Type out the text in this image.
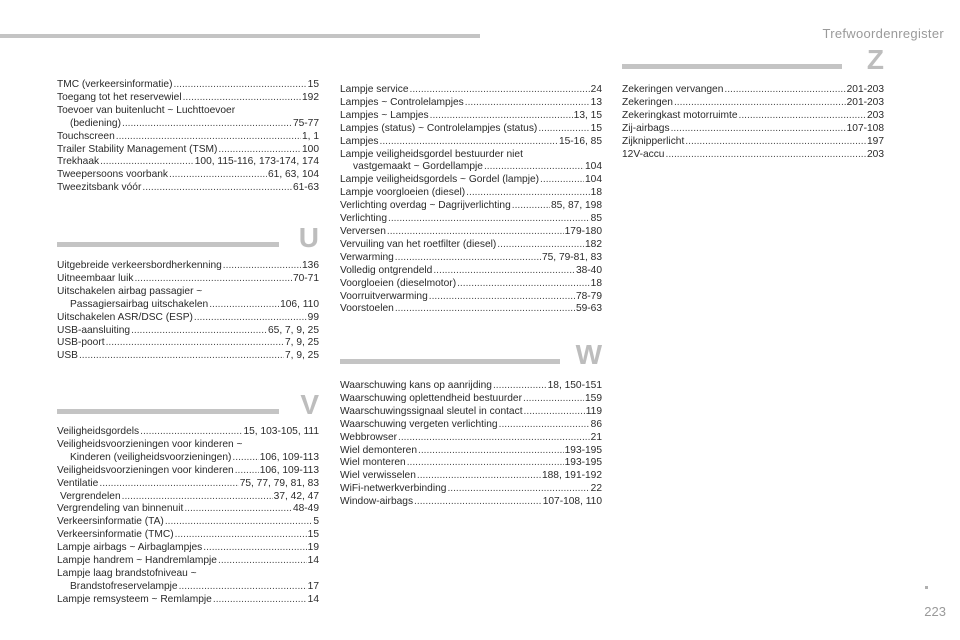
Trefwoordenregister
TMC (verkeersinformatie) .....	15
Toegang tot het reservewiel .....	192
Toevoer van buitenlucht ~ Luchttoevoer
(bediening) .....	75-77
Touchscreen .....	1, 1
Trailer Stability Management (TSM) .....	100
Trekhaak .....	100, 115-116, 173-174, 174
Tweepersoons voorbank .....	61, 63, 104
Tweezitsbank vóór .....	61-63
U
Uitgebreide verkeersbordherkenning .....	136
Uitneembaar luik .....	70-71
Uitschakelen airbag passagier ~
Passagiersairbag uitschakelen .....	106, 110
Uitschakelen ASR/DSC (ESP) .....	99
USB-aansluiting .....	65, 7, 9, 25
USB-poort .....	7, 9, 25
USB .....	7, 9, 25
V
Veiligheidsgordels .....	15, 103-105, 111
Veiligheidsvoorzieningen voor kinderen ~
Kinderen (veiligheidsvoorzieningen) .....	106, 109-113
Veiligheidsvoorzieningen voor kinderen .....	106, 109-113
Ventilatie .....	75, 77, 79, 81, 83
Vergrendelen .....	37, 42, 47
Vergrendeling van binnenuit .....	48-49
Verkeersinformatie (TA) .....	5
Verkeersinformatie (TMC) .....	15
Lampje airbags ~ Airbaglampjes .....	19
Lampje handrem ~ Handremlampje .....	14
Lampje laag brandstofniveau ~
Brandstofreservelampje .....	17
Lampje remsysteem ~ Remlampje .....	14
Lampje service .....	24
Lampjes ~ Controlelampjes .....	13
Lampjes ~ Lampjes .....	13, 15
Lampjes (status) ~ Controlelampjes (status) .....	15
Lampjes .....	15-16, 85
Lampje veiligheidsgordel bestuurder niet
vastgemaakt ~ Gordellampje .....	104
Lampje veiligheidsgordels ~ Gordel (lampje) .....	104
Lampje voorgloeien (diesel) .....	18
Verlichting overdag ~ Dagrijverlichting .....	85, 87, 198
Verlichting .....	85
Verversen .....	179-180
Vervuiling van het roetfilter (diesel) .....	182
Verwarming .....	75, 79-81, 83
Volledig ontgrendeld .....	38-40
Voorgloeien (dieselmotor) .....	18
Voorruitverwarming .....	78-79
Voorstoelen .....	59-63
W
Waarschuwing kans op aanrijding .....	18, 150-151
Waarschuwing oplettendheid bestuurder .....	159
Waarschuwingssignaal sleutel in contact .....	119
Waarschuwing vergeten verlichting .....	86
Webbrowser .....	21
Wiel demonteren .....	193-195
Wiel monteren .....	193-195
Wiel verwisselen .....	188, 191-192
WiFi-netwerkverbinding .....	22
Window-airbags .....	107-108, 110
Z
Zekeringen vervangen .....	201-203
Zekeringen .....	201-203
Zekeringkast motorruimte .....	203
Zij-airbags .....	107-108
Zijknipperlicht .....	197
12V-accu .....	203
223
